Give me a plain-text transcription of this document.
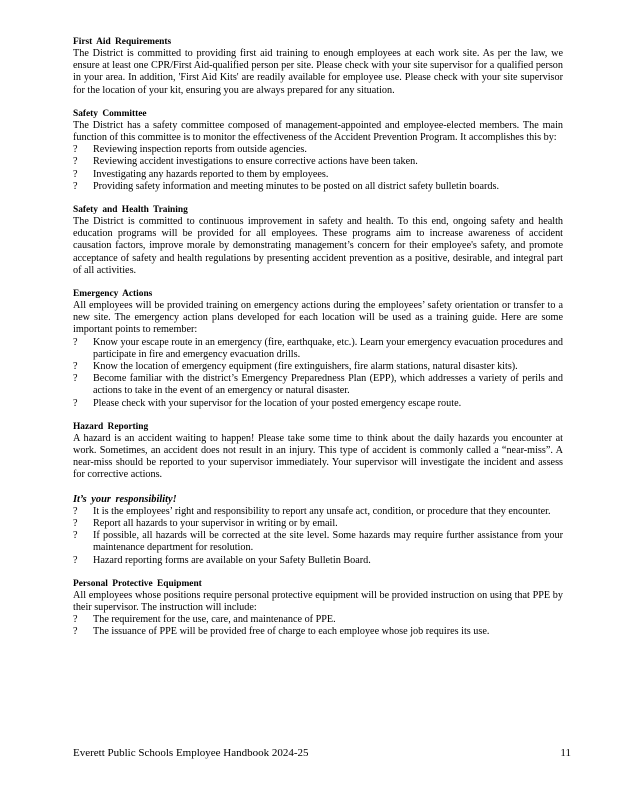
First Aid Requirements

The District is committed to providing first aid training to enough employees at each work site. As per the law, we ensure at least one CPR/First Aid-qualified person per site. Please check with your site supervisor for a qualified person in your area. In addition, 'First Aid Kits' are readily available for employee use. Please check with your site supervisor for the location of your kit, ensuring you are always prepared for any situation.

Safety Committee

The District has a safety committee composed of management-appointed and employee-elected members. The main function of this committee is to monitor the effectiveness of the Accident Prevention Program. It accomplishes this by:

? Reviewing inspection reports from outside agencies.
? Reviewing accident investigations to ensure corrective actions have been taken.
? Investigating any hazards reported to them by employees.
? Providing safety information and meeting minutes to be posted on all district safety bulletin boards.
Safety and Health Training

The District is committed to continuous improvement in safety and health. To this end, ongoing safety and health education programs will be provided for all employees. These programs aim to increase awareness of accident causation factors, improve morale by demonstrating management’s concern for their employee's safety, and promote acceptance of safety and health regulations by presenting accident prevention as a positive, desirable, and integral part of all activities.

Emergency Actions

All employees will be provided training on emergency actions during the employees’ safety orientation or transfer to a new site. The emergency action plans developed for each location will be used as a training guide. Here are some important points to remember:

? Know your escape route in an emergency (fire, earthquake, etc.). Learn your emergency evacuation procedures and participate in fire and emergency evacuation drills.
? Know the location of emergency equipment (fire extinguishers, fire alarm stations, natural disaster kits).
? Become familiar with the district’s Emergency Preparedness Plan (EPP), which addresses a variety of perils and actions to take in the event of an emergency or natural disaster.
? Please check with your supervisor for the location of your posted emergency escape route.
Hazard Reporting

A hazard is an accident waiting to happen! Please take some time to think about the daily hazards you encounter at work. Sometimes, an accident does not result in an injury. This type of accident is commonly called a “near-miss”. A near-miss should be reported to your supervisor immediately. Your supervisor will investigate the incident and assess for corrective actions.

It’s your responsibility!
? It is the employees’ right and responsibility to report any unsafe act, condition, or procedure that they encounter.
? Report all hazards to your supervisor in writing or by email.
? If possible, all hazards will be corrected at the site level. Some hazards may require further assistance from your maintenance department for resolution.
? Hazard reporting forms are available on your Safety Bulletin Board.
Personal Protective Equipment

All employees whose positions require personal protective equipment will be provided instruction on using that PPE by their supervisor. The instruction will include:

? The requirement for the use, care, and maintenance of PPE.
? The issuance of PPE will be provided free of charge to each employee whose job requires its use.
Everett Public Schools Employee Handbook 2024-25	11
